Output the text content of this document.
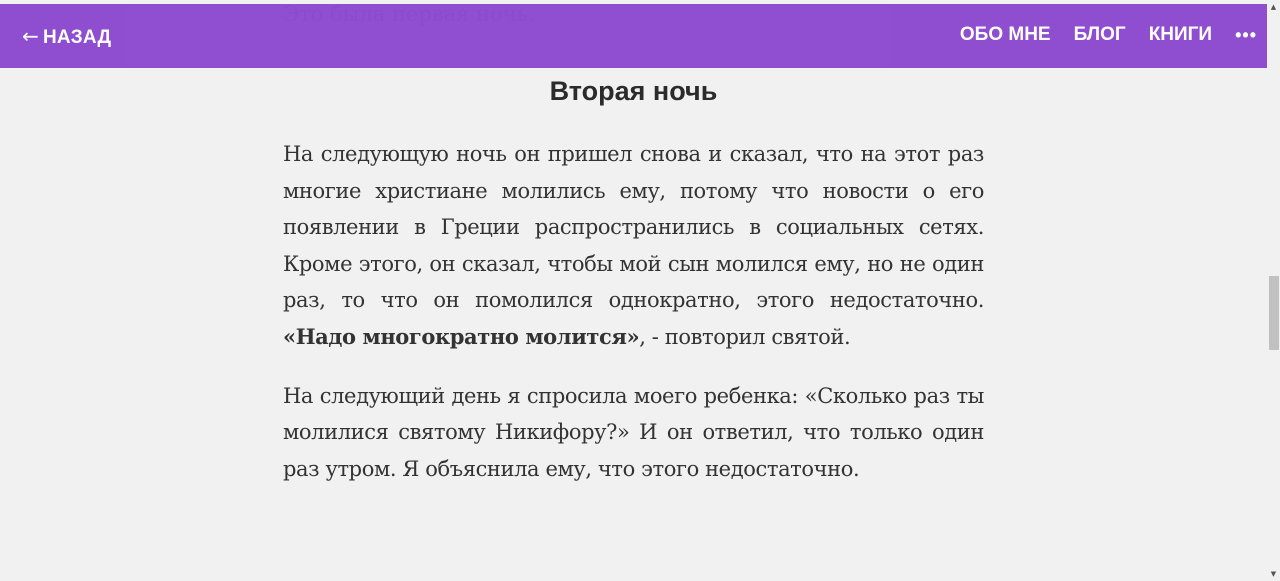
← НАЗАД	ОБО МНЕ БЛОГ КНИГИ •••
Вторая ночь

На следующую ночь он пришел снова и сказал, что на этот раз многие христиане молились ему, потому что новости о его появлении в Греции распространились в социальных сетях. Кроме этого, он сказал, чтобы мой сын молился ему, но не один раз, то что он помолился однократно, этого недостаточно. «Надо многократно молится», - повторил святой.

На следующий день я спросила моего ребенка: «Сколько раз ты молилися святому Никифору?» И он ответил, что только один раз утром. Я объяснила ему, что этого недостаточно.

▲
▼
